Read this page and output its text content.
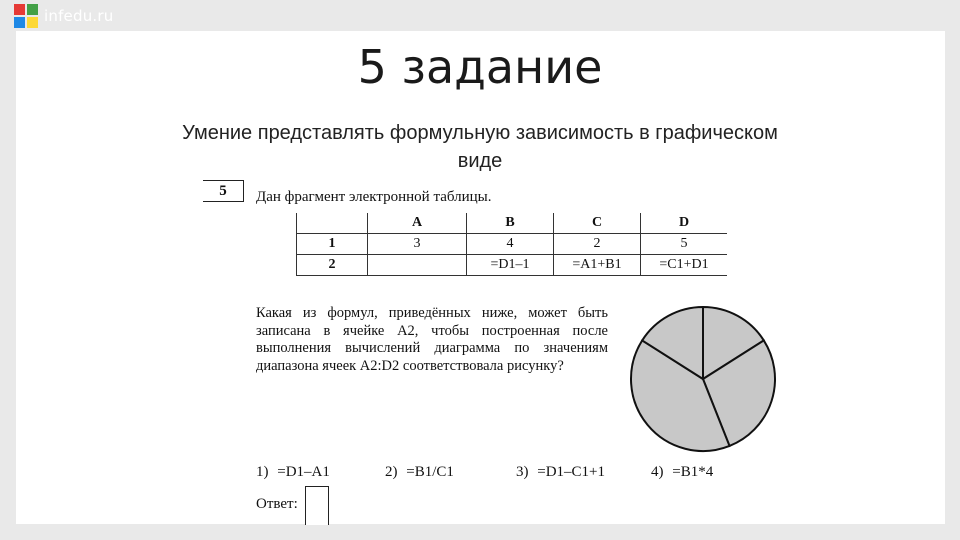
infedu.ru
5 задание
Умение представлять формульную зависимость в графическом виде
5	Дан фрагмент электронной таблицы.
	A	B	C	D
1	3	4	2	5
2		=D1–1	=A1+B1	=C1+D1
Какая из формул, приведённых ниже, может быть записана в ячейке A2, чтобы построенная после выполнения вычислений диаграмма по значениям диапазона ячеек A2:D2 соответствовала рисунку?
1) =D1–A1	2) =B1/C1	3) =D1–C1+1	4) =B1*4
Ответ:
